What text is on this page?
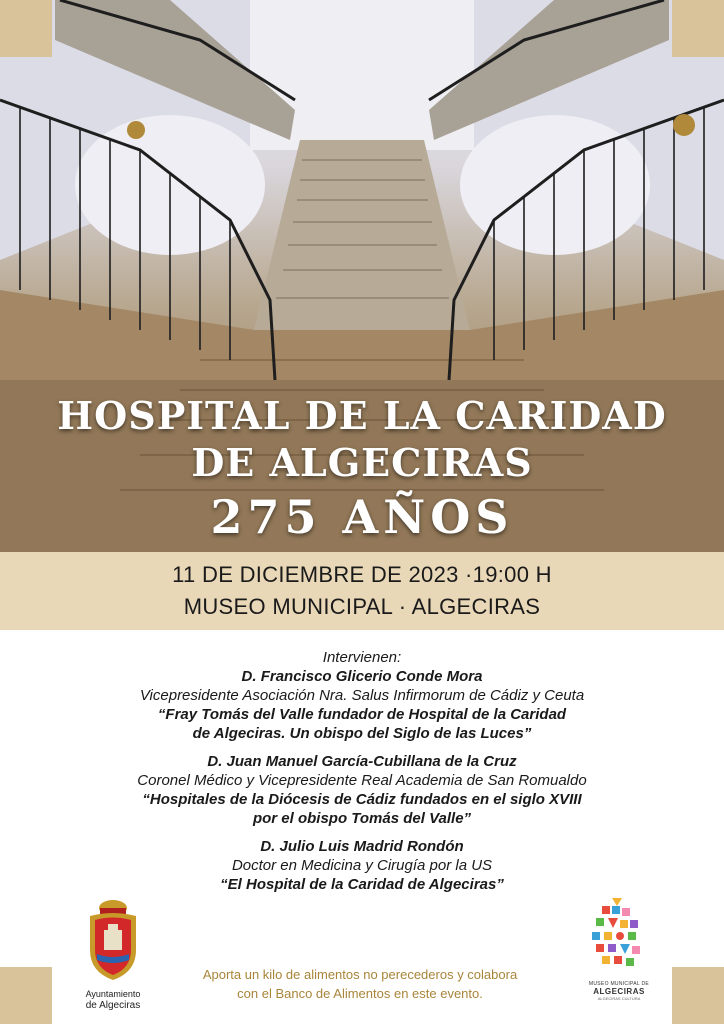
HOSPITAL DE LA CARIDAD
DE ALGECIRAS
275 AÑOS
11 DE DICIEMBRE DE 2023 ·19:00 H
MUSEO MUNICIPAL · ALGECIRAS
Intervienen:
D. Francisco Glicerio Conde Mora
Vicepresidente Asociación Nra. Salus Infirmorum de Cádiz y Ceuta
“Fray Tomás del Valle fundador de Hospital de la Caridad
de Algeciras. Un obispo del Siglo de las Luces”
D. Juan Manuel García-Cubillana de la Cruz
Coronel Médico y Vicepresidente Real Academia de San Romualdo
“Hospitales de la Diócesis de Cádiz fundados en el siglo XVIII
por el obispo Tomás del Valle”
D. Julio Luis Madrid Rondón
Doctor en Medicina y Cirugía por la US
“El Hospital de la Caridad de Algeciras”
Ayuntamiento
de Algeciras
MUSEO MUNICIPAL DE
ALGECIRAS
ALGECIRAS CULTURA
Aporta un kilo de alimentos no perecederos y colabora
con el Banco de Alimentos en este evento.
